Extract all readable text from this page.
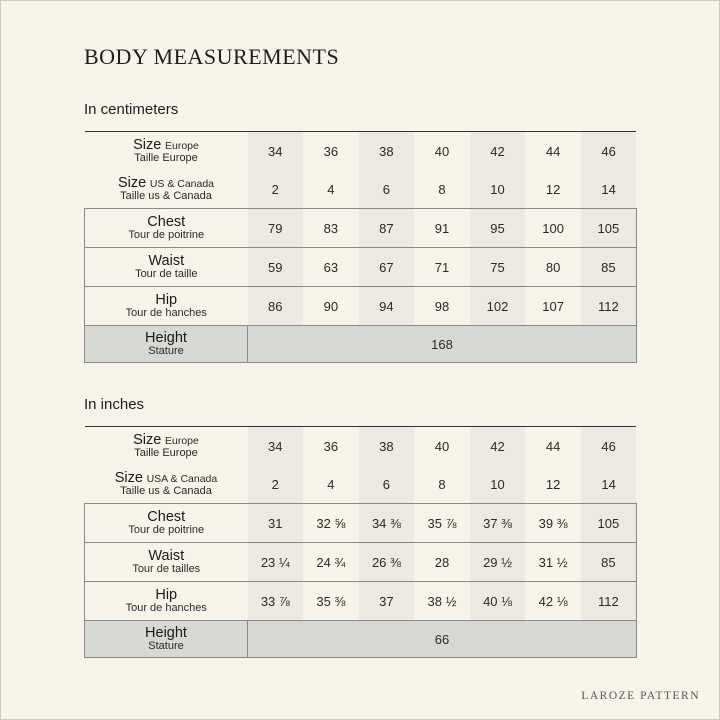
BODY MEASUREMENTS
In centimeters
Size Europe
Taille Europe	34	36	38	40	42	44	46
Size US & Canada
Taille us & Canada	2	4	6	8	10	12	14
Chest
Tour de poitrine	79	83	87	91	95	100	105
Waist
Tour de taille	59	63	67	71	75	80	85
Hip
Tour de hanches	86	90	94	98	102	107	112
Height
Stature	168						
In inches
Size Europe
Taille Europe	34	36	38	40	42	44	46
Size USA & Canada
Taille us & Canada	2	4	6	8	10	12	14
Chest
Tour de poitrine	31	32 ⅝	34 ⅜	35 ⅞	37 ⅜	39 ⅜	105
Waist
Tour de tailles	23 ¼	24 ¾	26 ⅜	28	29 ½	31 ½	85
Hip
Tour de hanches	33 ⅞	35 ⅜	37	38 ½	40 ⅛	42 ⅛	112
Height
Stature	66						
LAROZE PATTERN
